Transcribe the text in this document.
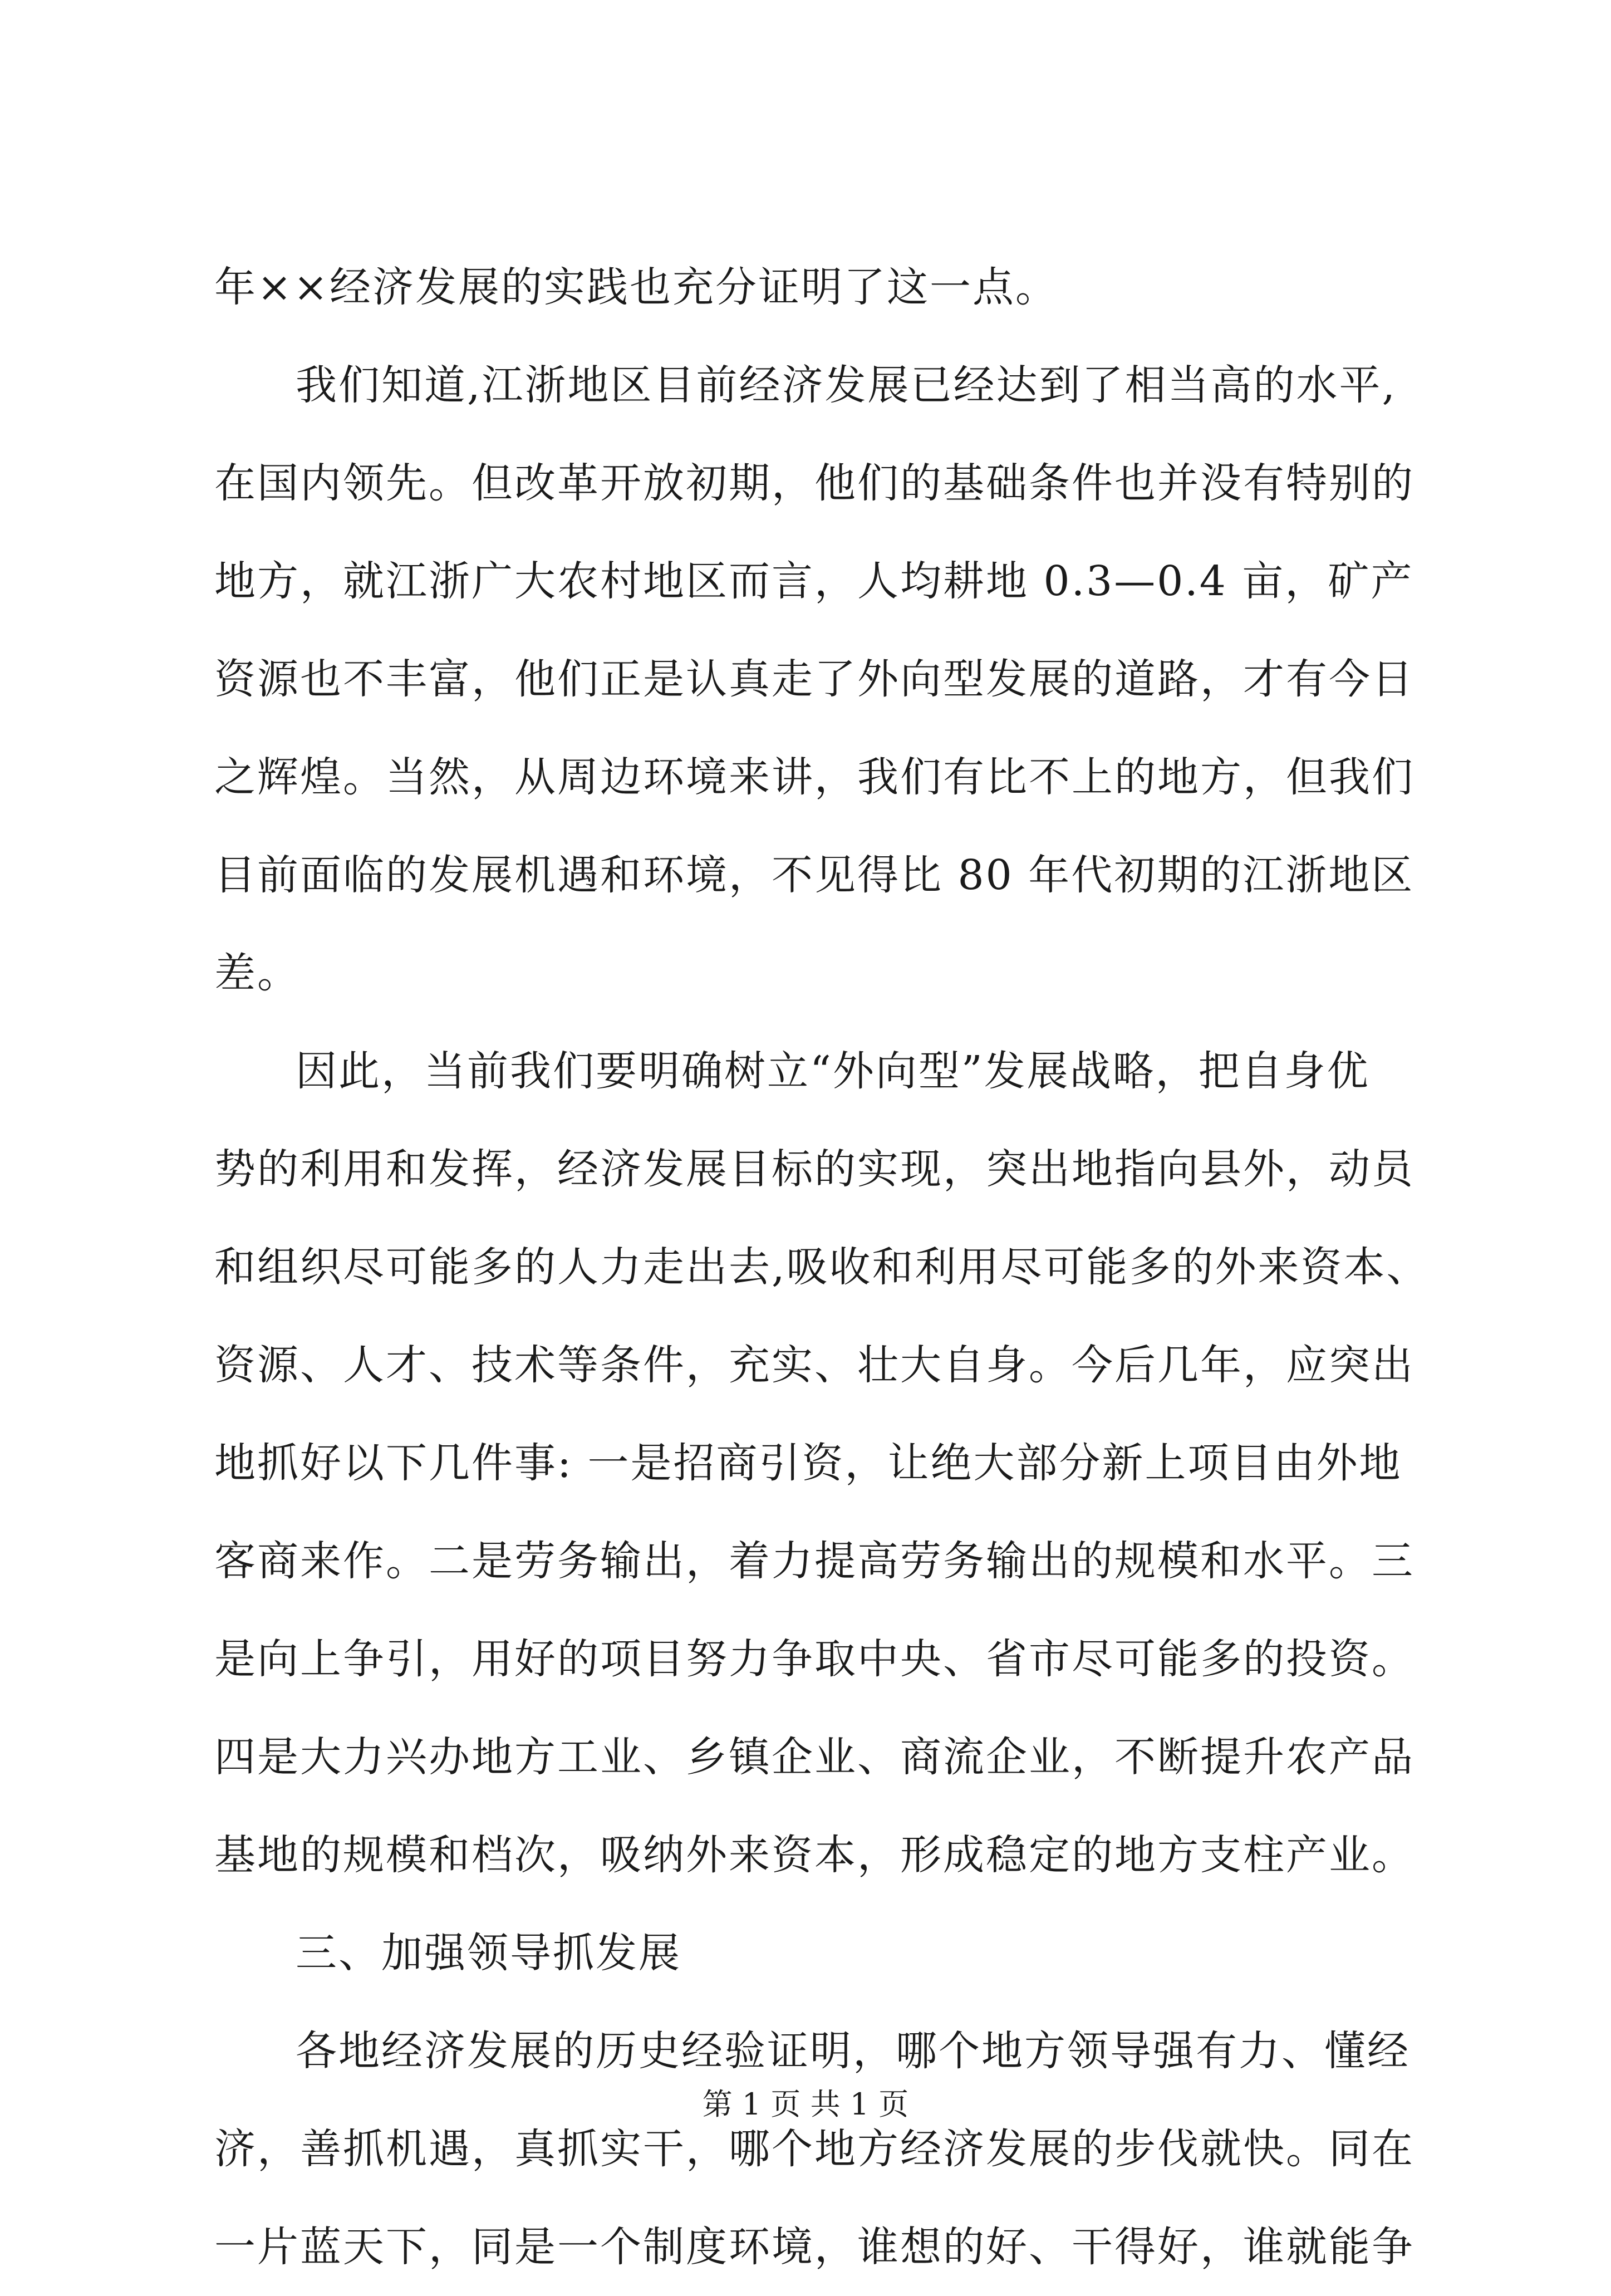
年××经济发展的实践也充分证明了这一点。
我们知道,江浙地区目前经济发展已经达到了相当高的水平,
在国内领先。但改革开放初期，他们的基础条件也并没有特别的
地方，就江浙广大农村地区而言，人均耕地 0.3—0.4 亩，矿产
资源也不丰富，他们正是认真走了外向型发展的道路，才有今日
之辉煌。当然，从周边环境来讲，我们有比不上的地方，但我们
目前面临的发展机遇和环境，不见得比 80 年代初期的江浙地区
差。
因此，当前我们要明确树立“外向型”发展战略，把自身优
势的利用和发挥，经济发展目标的实现，突出地指向县外，动员
和组织尽可能多的人力走出去,吸收和利用尽可能多的外来资本、
资源、人才、技术等条件，充实、壮大自身。今后几年，应突出
地抓好以下几件事: 一是招商引资，让绝大部分新上项目由外地
客商来作。二是劳务输出，着力提高劳务输出的规模和水平。三
是向上争引，用好的项目努力争取中央、省市尽可能多的投资。
四是大力兴办地方工业、乡镇企业、商流企业，不断提升农产品
基地的规模和档次，吸纳外来资本，形成稳定的地方支柱产业。
三、加强领导抓发展
各地经济发展的历史经验证明，哪个地方领导强有力、懂经
济，善抓机遇，真抓实干，哪个地方经济发展的步伐就快。同在
一片蓝天下，同是一个制度环境，谁想的好、干得好，谁就能争
第 1 页 共 1 页
